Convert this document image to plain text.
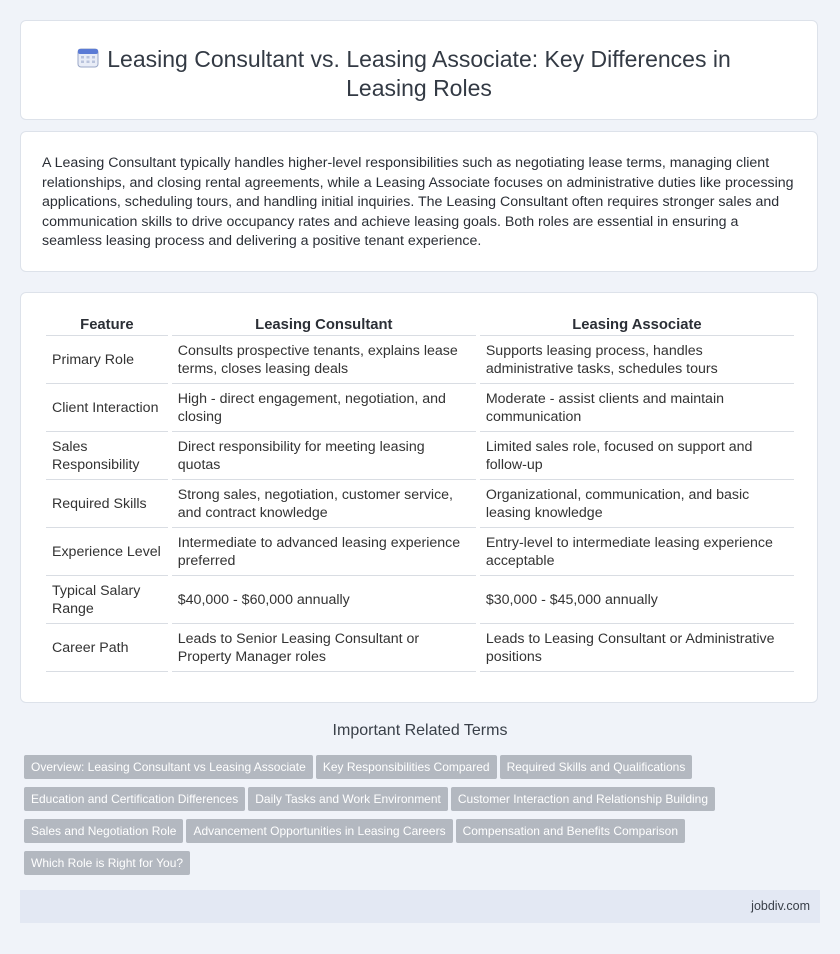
Leasing Consultant vs. Leasing Associate: Key Differences in Leasing Roles

A Leasing Consultant typically handles higher-level responsibilities such as negotiating lease terms, managing client relationships, and closing rental agreements, while a Leasing Associate focuses on administrative duties like processing applications, scheduling tours, and handling initial inquiries. The Leasing Consultant often requires stronger sales and communication skills to drive occupancy rates and achieve leasing goals. Both roles are essential in ensuring a seamless leasing process and delivering a positive tenant experience.

Feature	Leasing Consultant	Leasing Associate
Primary Role	Consults prospective tenants, explains lease terms, closes leasing deals	Supports leasing process, handles administrative tasks, schedules tours
Client Interaction	High - direct engagement, negotiation, and closing	Moderate - assist clients and maintain communication
Sales Responsibility	Direct responsibility for meeting leasing quotas	Limited sales role, focused on support and follow-up
Required Skills	Strong sales, negotiation, customer service, and contract knowledge	Organizational, communication, and basic leasing knowledge
Experience Level	Intermediate to advanced leasing experience preferred	Entry-level to intermediate leasing experience acceptable
Typical Salary Range	$40,000 - $60,000 annually	$30,000 - $45,000 annually
Career Path	Leads to Senior Leasing Consultant or Property Manager roles	Leads to Leasing Consultant or Administrative positions
Important Related Terms
Overview: Leasing Consultant vs Leasing Associate Key Responsibilities Compared Required Skills and Qualifications
Education and Certification Differences Daily Tasks and Work Environment Customer Interaction and Relationship Building
Sales and Negotiation Role Advancement Opportunities in Leasing Careers Compensation and Benefits Comparison
Which Role is Right for You?
jobdiv.com
